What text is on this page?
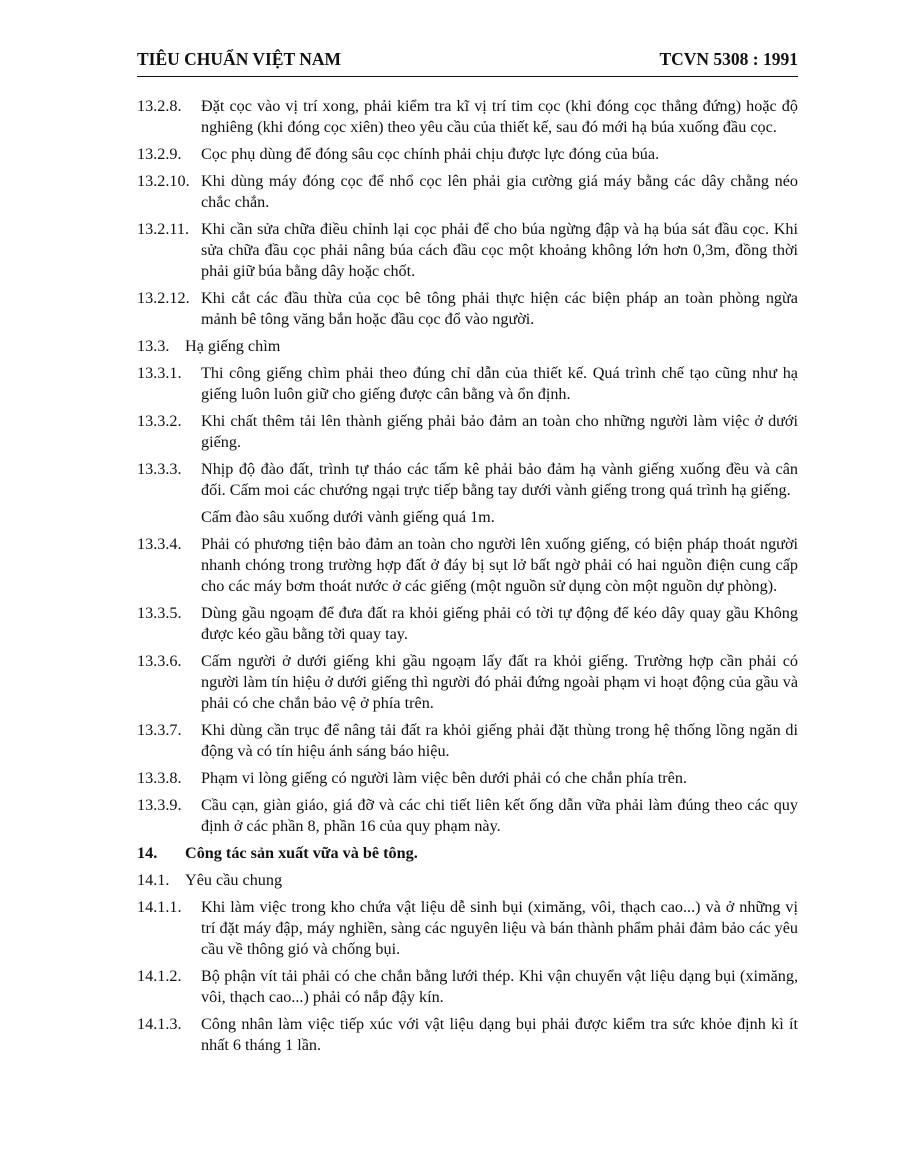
TIÊU CHUẨN VIỆT NAM	TCVN 5308 : 1991
13.2.8.	Đặt cọc vào vị trí xong, phải kiểm tra kĩ vị trí tim cọc (khi đóng cọc thẳng đứng) hoặc độ nghiêng (khi đóng cọc xiên) theo yêu cầu của thiết kế, sau đó mới hạ búa xuống đầu cọc.
13.2.9.	Cọc phụ dùng để đóng sâu cọc chính phải chịu được lực đóng của búa.
13.2.10. Khi dùng máy đóng cọc để nhổ cọc lên phải gia cường giá máy bằng các dây chằng néo chắc chắn.
13.2.11. Khi cần sửa chữa điều chỉnh lại cọc phải để cho búa ngừng đập và hạ búa sát đầu cọc. Khi sửa chữa đầu cọc phải nâng búa cách đầu cọc một khoảng không lớn hơn 0,3m, đồng thời phải giữ búa bằng dây hoặc chốt.
13.2.12. Khi cắt các đầu thừa của cọc bê tông phải thực hiện các biện pháp an toàn phòng ngừa mảnh bê tông văng bắn hoặc đầu cọc đổ vào người.
13.3. Hạ giếng chìm
13.3.1.	Thi công giếng chìm phải theo đúng chỉ dẫn của thiết kế. Quá trình chế tạo cũng như hạ giếng luôn luôn giữ cho giếng được cân bằng và ổn định.
13.3.2.	Khi chất thêm tải lên thành giếng phải bảo đảm an toàn cho những người làm việc ở dưới giếng.
13.3.3.	Nhịp độ đào đất, trình tự tháo các tấm kê phải bảo đảm hạ vành giếng xuống đều và cân đối. Cấm moi các chướng ngại trực tiếp bằng tay dưới vành giếng trong quá trình hạ giếng.
Cấm đào sâu xuống dưới vành giếng quá 1m.
13.3.4.	Phải có phương tiện bảo đảm an toàn cho người lên xuống giếng, có biện pháp thoát người nhanh chóng trong trường hợp đất ở đáy bị sụt lở bất ngờ phải có hai nguồn điện cung cấp cho các máy bơm thoát nước ở các giếng (một nguồn sử dụng còn một nguồn dự phòng).
13.3.5.	Dùng gầu ngoạm để đưa đất ra khỏi giếng phải có tời tự động để kéo dây quay gầu Không được kéo gầu bằng tời quay tay.
13.3.6.	Cấm người ở dưới giếng khi gầu ngoạm lấy đất ra khỏi giếng. Trường hợp cần phải có người làm tín hiệu ở dưới giếng thì người đó phải đứng ngoài phạm vi hoạt động của gầu và phải có che chắn bảo vệ ở phía trên.
13.3.7.	Khi dùng cần trục để nâng tải đất ra khỏi giếng phải đặt thùng trong hệ thống lồng ngăn di động và có tín hiệu ánh sáng báo hiệu.
13.3.8.	Phạm vi lòng giếng có người làm việc bên dưới phải có che chắn phía trên.
13.3.9.	Cầu cạn, giàn giáo, giá đỡ và các chi tiết liên kết ống dẫn vữa phải làm đúng theo các quy định ở các phần 8, phần 16 của quy phạm này.
14. Công tác sản xuất vữa và bê tông.
14.1. Yêu cầu chung
14.1.1.	Khi làm việc trong kho chứa vật liệu dễ sinh bụi (ximăng, vôi, thạch cao...) và ở những vị trí đặt máy đập, máy nghiền, sàng các nguyên liệu và bán thành phẩm phải đảm bảo các yêu cầu về thông gió và chống bụi.
14.1.2.	Bộ phận vít tải phải có che chắn bằng lưới thép. Khi vận chuyển vật liệu dạng bụi (ximăng, vôi, thạch cao...) phải có nắp đậy kín.
14.1.3.	Công nhân làm việc tiếp xúc với vật liệu dạng bụi phải được kiểm tra sức khỏe định kì ít nhất 6 tháng 1 lần.
